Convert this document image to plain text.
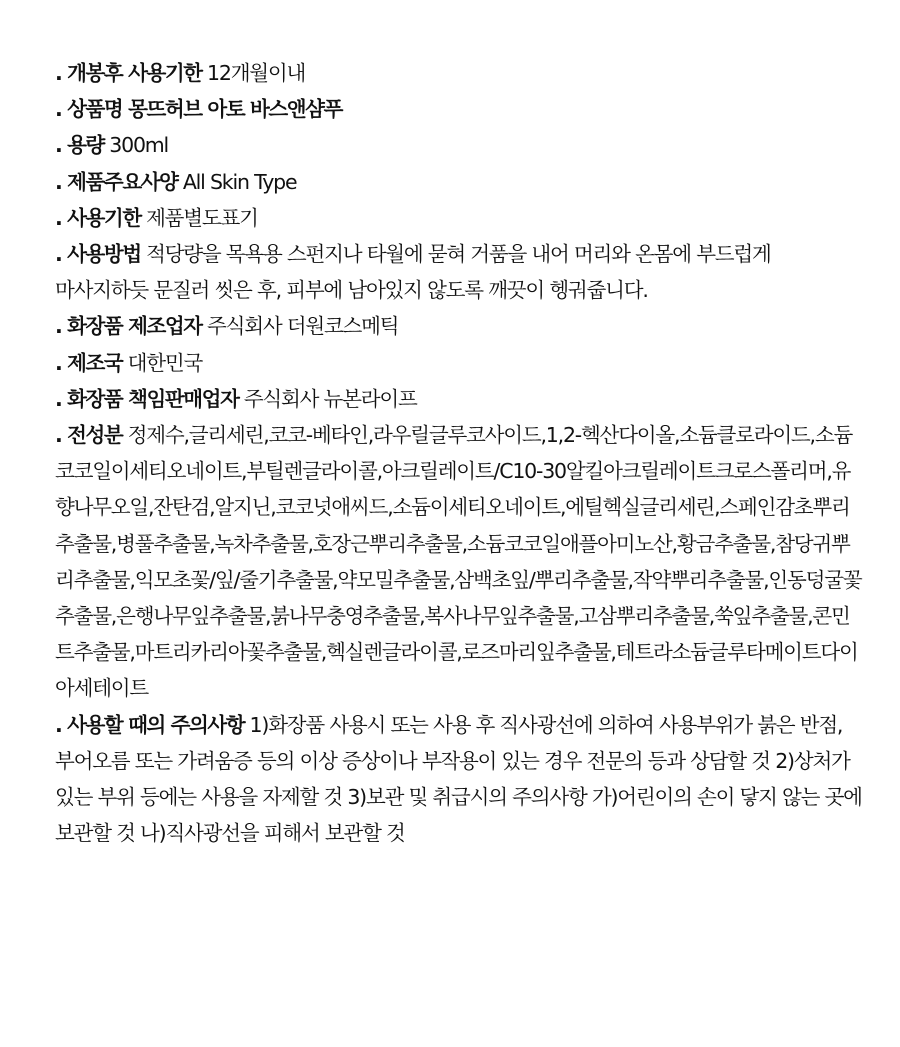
. 개봉후 사용기한 12개월이내
. 상품명 몽뜨허브 아토 바스앤샴푸
. 용량 300ml
. 제품주요사양 All Skin Type
. 사용기한 제품별도표기
. 사용방법 적당량을 목욕용 스펀지나 타월에 묻혀 거품을 내어 머리와 온몸에 부드럽게 마사지하듯 문질러 씻은 후, 피부에 남아있지 않도록 깨끗이 헹궈줍니다.
. 화장품 제조업자 주식회사 더원코스메틱
. 제조국 대한민국
. 화장품 책임판매업자 주식회사 뉴본라이프
. 전성분 정제수,글리세린,코코-베타인,라우릴글루코사이드,1,2-헥산다이올,소듐클로라이드,소듐코코일이세티오네이트,부틸렌글라이콜,아크릴레이트/C10-30알킬아크릴레이트크로스폴리머,유향나무오일,잔탄검,알지닌,코코넛애씨드,소듐이세티오네이트,에틸헥실글리세린,스페인감초뿌리추출물,병풀추출물,녹차추출물,호장근뿌리추출물,소듐코코일애플아미노산,황금추출물,참당귀뿌리추출물,익모초꽃/잎/줄기추출물,약모밀추출물,삼백초잎/뿌리추출물,작약뿌리추출물,인동덩굴꽃추출물,은행나무잎추출물,붉나무충영추출물,복사나무잎추출물,고삼뿌리추출물,쑥잎추출물,콘민트추출물,마트리카리아꽃추출물,헥실렌글라이콜,로즈마리잎추출물,테트라소듐글루타메이트다이아세테이트
. 사용할 때의 주의사항 1)화장품 사용시 또는 사용 후 직사광선에 의하여 사용부위가 붉은 반점, 부어오름 또는 가려움증 등의 이상 증상이나 부작용이 있는 경우 전문의 등과 상담할 것 2)상처가 있는 부위 등에는 사용을 자제할 것 3)보관 및 취급시의 주의사항 가)어린이의 손이 닿지 않는 곳에 보관할 것 나)직사광선을 피해서 보관할 것
